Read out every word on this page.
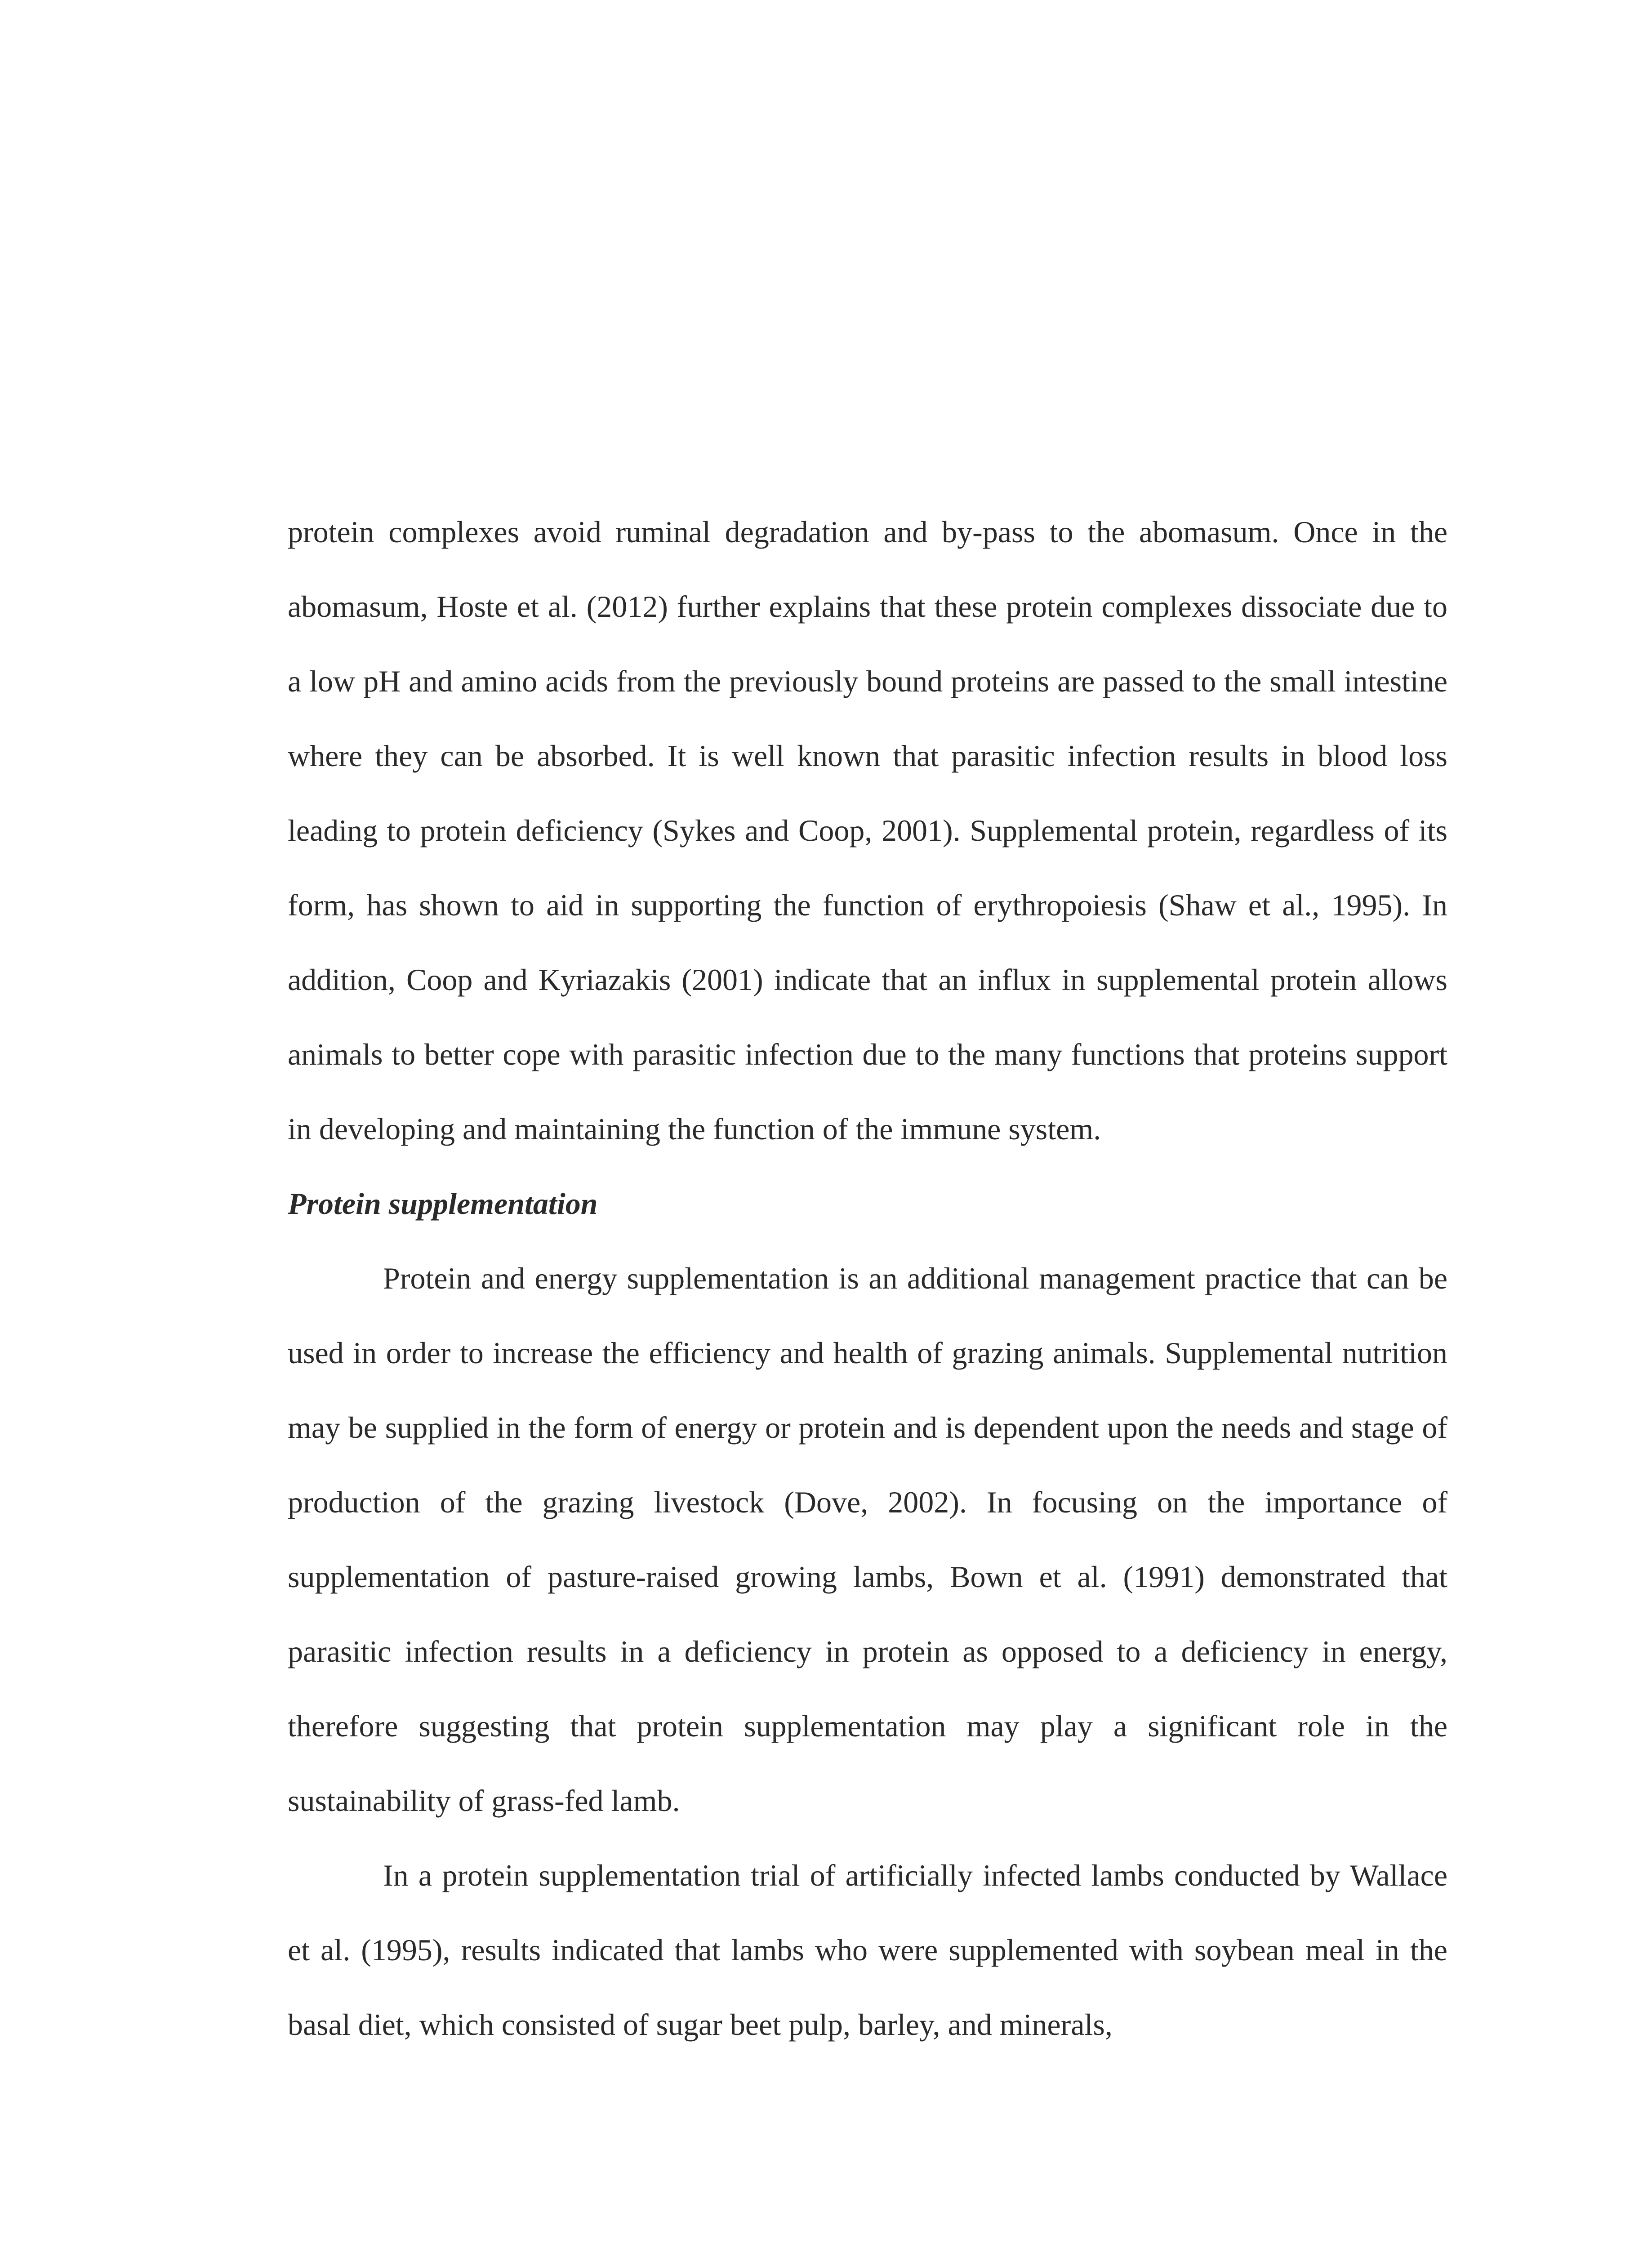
protein complexes avoid ruminal degradation and by-pass to the abomasum. Once in the abomasum, Hoste et al. (2012) further explains that these protein complexes dissociate due to a low pH and amino acids from the previously bound proteins are passed to the small intestine where they can be absorbed. It is well known that parasitic infection results in blood loss leading to protein deficiency (Sykes and Coop, 2001). Supplemental protein, regardless of its form, has shown to aid in supporting the function of erythropoiesis (Shaw et al., 1995). In addition, Coop and Kyriazakis (2001) indicate that an influx in supplemental protein allows animals to better cope with parasitic infection due to the many functions that proteins support in developing and maintaining the function of the immune system.

Protein supplementation

Protein and energy supplementation is an additional management practice that can be used in order to increase the efficiency and health of grazing animals. Supplemental nutrition may be supplied in the form of energy or protein and is dependent upon the needs and stage of production of the grazing livestock (Dove, 2002). In focusing on the importance of supplementation of pasture-raised growing lambs, Bown et al. (1991) demonstrated that parasitic infection results in a deficiency in protein as opposed to a deficiency in energy, therefore suggesting that protein supplementation may play a significant role in the sustainability of grass-fed lamb.

In a protein supplementation trial of artificially infected lambs conducted by Wallace et al. (1995), results indicated that lambs who were supplemented with soybean meal in the basal diet, which consisted of sugar beet pulp, barley, and minerals,
